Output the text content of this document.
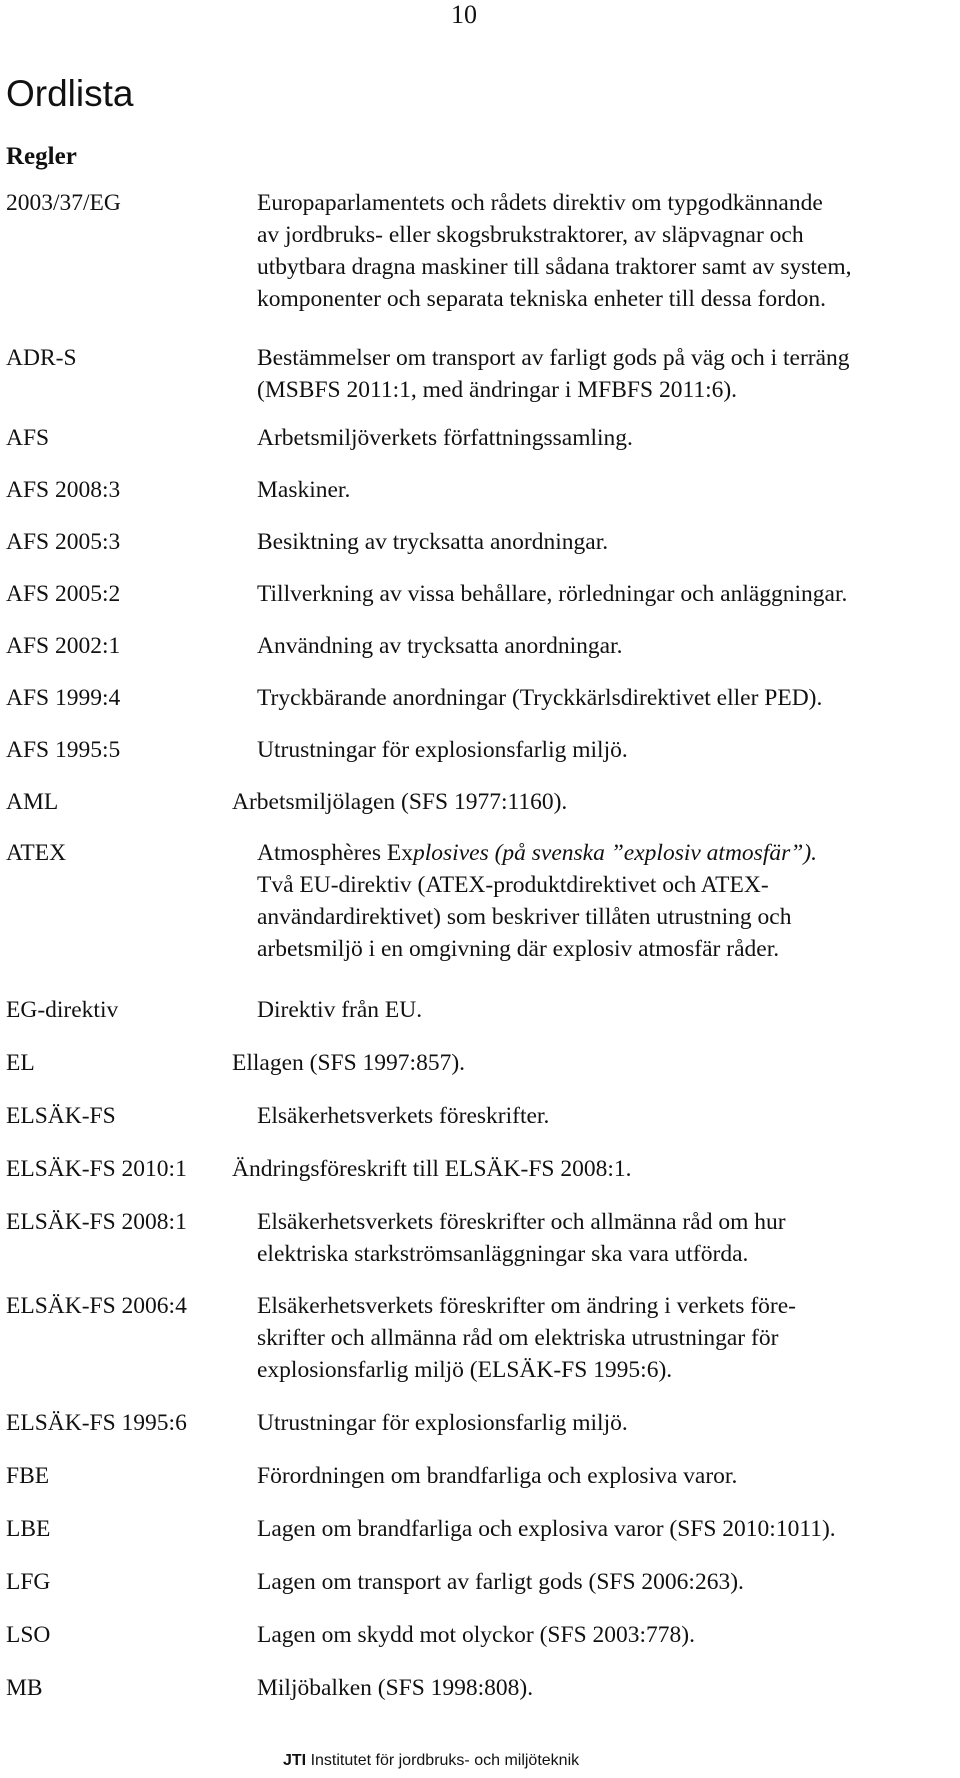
10
Ordlista
Regler
2003/37/EG	Europaparlamentets och rådets direktiv om typgodkännande
av jordbruks- eller skogsbrukstraktorer, av släpvagnar och
utbytbara dragna maskiner till sådana traktorer samt av system,
komponenter och separata tekniska enheter till dessa fordon.
ADR-S	Bestämmelser om transport av farligt gods på väg och i terräng
(MSBFS 2011:1, med ändringar i MFBFS 2011:6).
AFS	Arbetsmiljöverkets författningssamling.
AFS 2008:3	Maskiner.
AFS 2005:3	Besiktning av trycksatta anordningar.
AFS 2005:2	Tillverkning av vissa behållare, rörledningar och anläggningar.
AFS 2002:1	Användning av trycksatta anordningar.
AFS 1999:4	Tryckbärande anordningar (Tryckkärlsdirektivet eller PED).
AFS 1995:5	Utrustningar för explosionsfarlig miljö.
AML	Arbetsmiljölagen (SFS 1977:1160).
ATEX	Atmosphères Explosives (på svenska ”explosiv atmosfär”).
Två EU-direktiv (ATEX-produktdirektivet och ATEX-
användardirektivet) som beskriver tillåten utrustning och
arbetsmiljö i en omgivning där explosiv atmosfär råder.
EG-direktiv	Direktiv från EU.
EL	Ellagen (SFS 1997:857).
ELSÄK-FS	Elsäkerhetsverkets föreskrifter.
ELSÄK-FS 2010:1 Ändringsföreskrift till ELSÄK-FS 2008:1.
ELSÄK-FS 2008:1	Elsäkerhetsverkets föreskrifter och allmänna råd om hur
elektriska starkströmsanläggningar ska vara utförda.
ELSÄK-FS 2006:4	Elsäkerhetsverkets föreskrifter om ändring i verkets före-
skrifter och allmänna råd om elektriska utrustningar för
explosionsfarlig miljö (ELSÄK-FS 1995:6).
ELSÄK-FS 1995:6	Utrustningar för explosionsfarlig miljö.
FBE	Förordningen om brandfarliga och explosiva varor.
LBE	Lagen om brandfarliga och explosiva varor (SFS 2010:1011).
LFG	Lagen om transport av farligt gods (SFS 2006:263).
LSO	Lagen om skydd mot olyckor (SFS 2003:778).
MB	Miljöbalken (SFS 1998:808).
JTI Institutet för jordbruks- och miljöteknik
